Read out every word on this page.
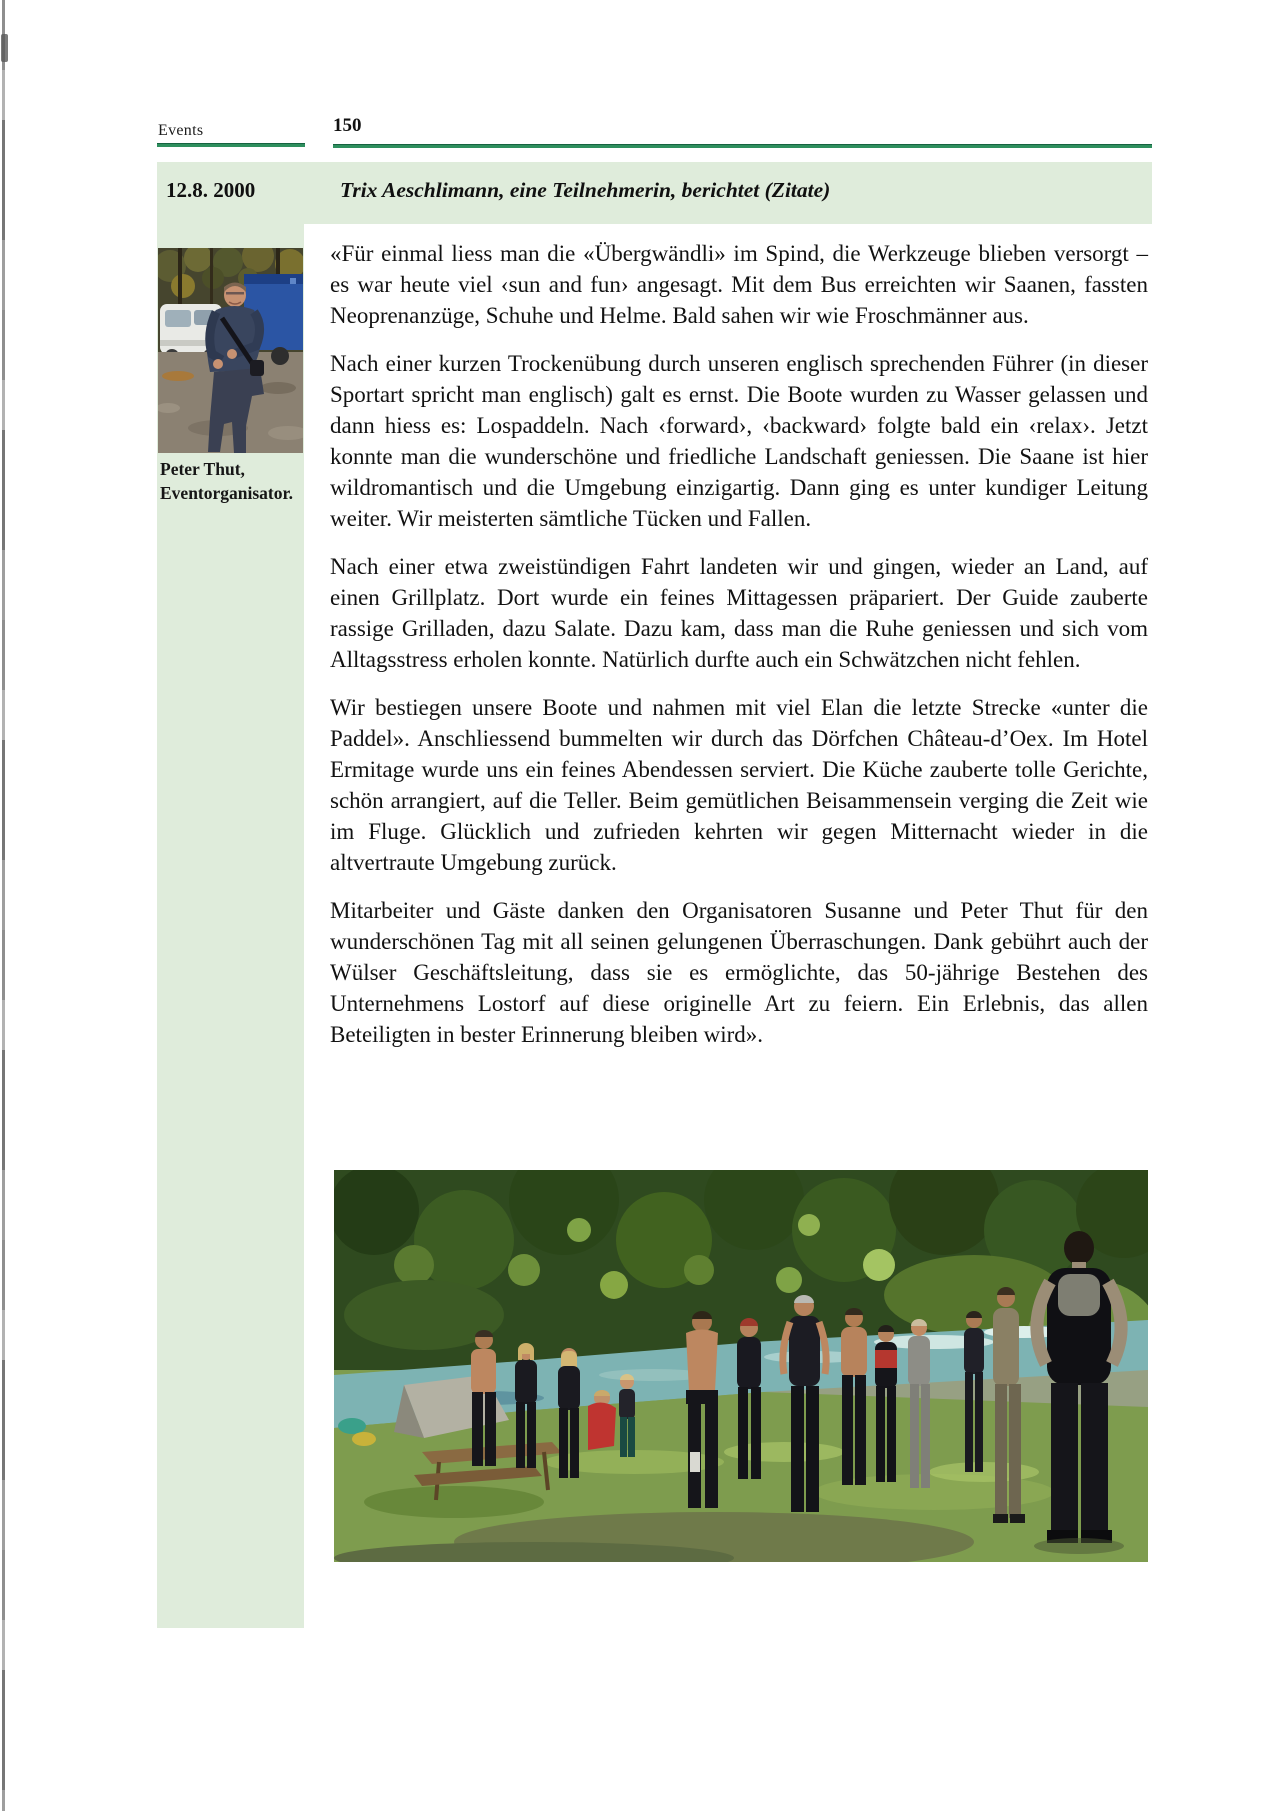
Events	150
12.8. 2000	Trix Aeschlimann, eine Teilnehmerin, berichtet (Zitate)
Peter Thut,
Eventorganisator.

«Für einmal liess man die «Übergwändli» im Spind, die Werkzeuge blieben versorgt – es war heute viel ‹sun and fun› angesagt. Mit dem Bus erreichten wir Saanen, fassten Neoprenanzüge, Schuhe und Helme. Bald sahen wir wie Froschmänner aus.

Nach einer kurzen Trockenübung durch unseren englisch sprechenden Führer (in dieser Sportart spricht man englisch) galt es ernst. Die Boote wurden zu Wasser gelassen und dann hiess es: Lospaddeln. Nach ‹forward›, ‹backward› folgte bald ein ‹relax›. Jetzt konnte man die wunderschöne und friedliche Landschaft geniessen. Die Saane ist hier wildromantisch und die Umgebung einzigartig. Dann ging es unter kundiger Leitung weiter. Wir meisterten sämtliche Tücken und Fallen.

Nach einer etwa zweistündigen Fahrt landeten wir und gingen, wieder an Land, auf einen Grillplatz. Dort wurde ein feines Mittagessen präpariert. Der Guide zauberte rassige Grilladen, dazu Salate. Dazu kam, dass man die Ruhe geniessen und sich vom Alltagsstress erholen konnte. Natürlich durfte auch ein Schwätzchen nicht fehlen.

Wir bestiegen unsere Boote und nahmen mit viel Elan die letzte Strecke «unter die Paddel». Anschliessend bummelten wir durch das Dörfchen Château-d’Oex. Im Hotel Ermitage wurde uns ein feines Abendessen serviert. Die Küche zauberte tolle Gerichte, schön arrangiert, auf die Teller. Beim gemütlichen Beisammensein verging die Zeit wie im Fluge. Glücklich und zufrieden kehrten wir gegen Mitternacht wieder in die altvertraute Umgebung zurück.

Mitarbeiter und Gäste danken den Organisatoren Susanne und Peter Thut für den wunderschönen Tag mit all seinen gelungenen Überraschungen. Dank gebührt auch der Wülser Geschäftsleitung, dass sie es ermöglichte, das 50-jährige Bestehen des Unternehmens Lostorf auf diese originelle Art zu feiern. Ein Erlebnis, das allen Beteiligten in bester Erinnerung bleiben wird».
